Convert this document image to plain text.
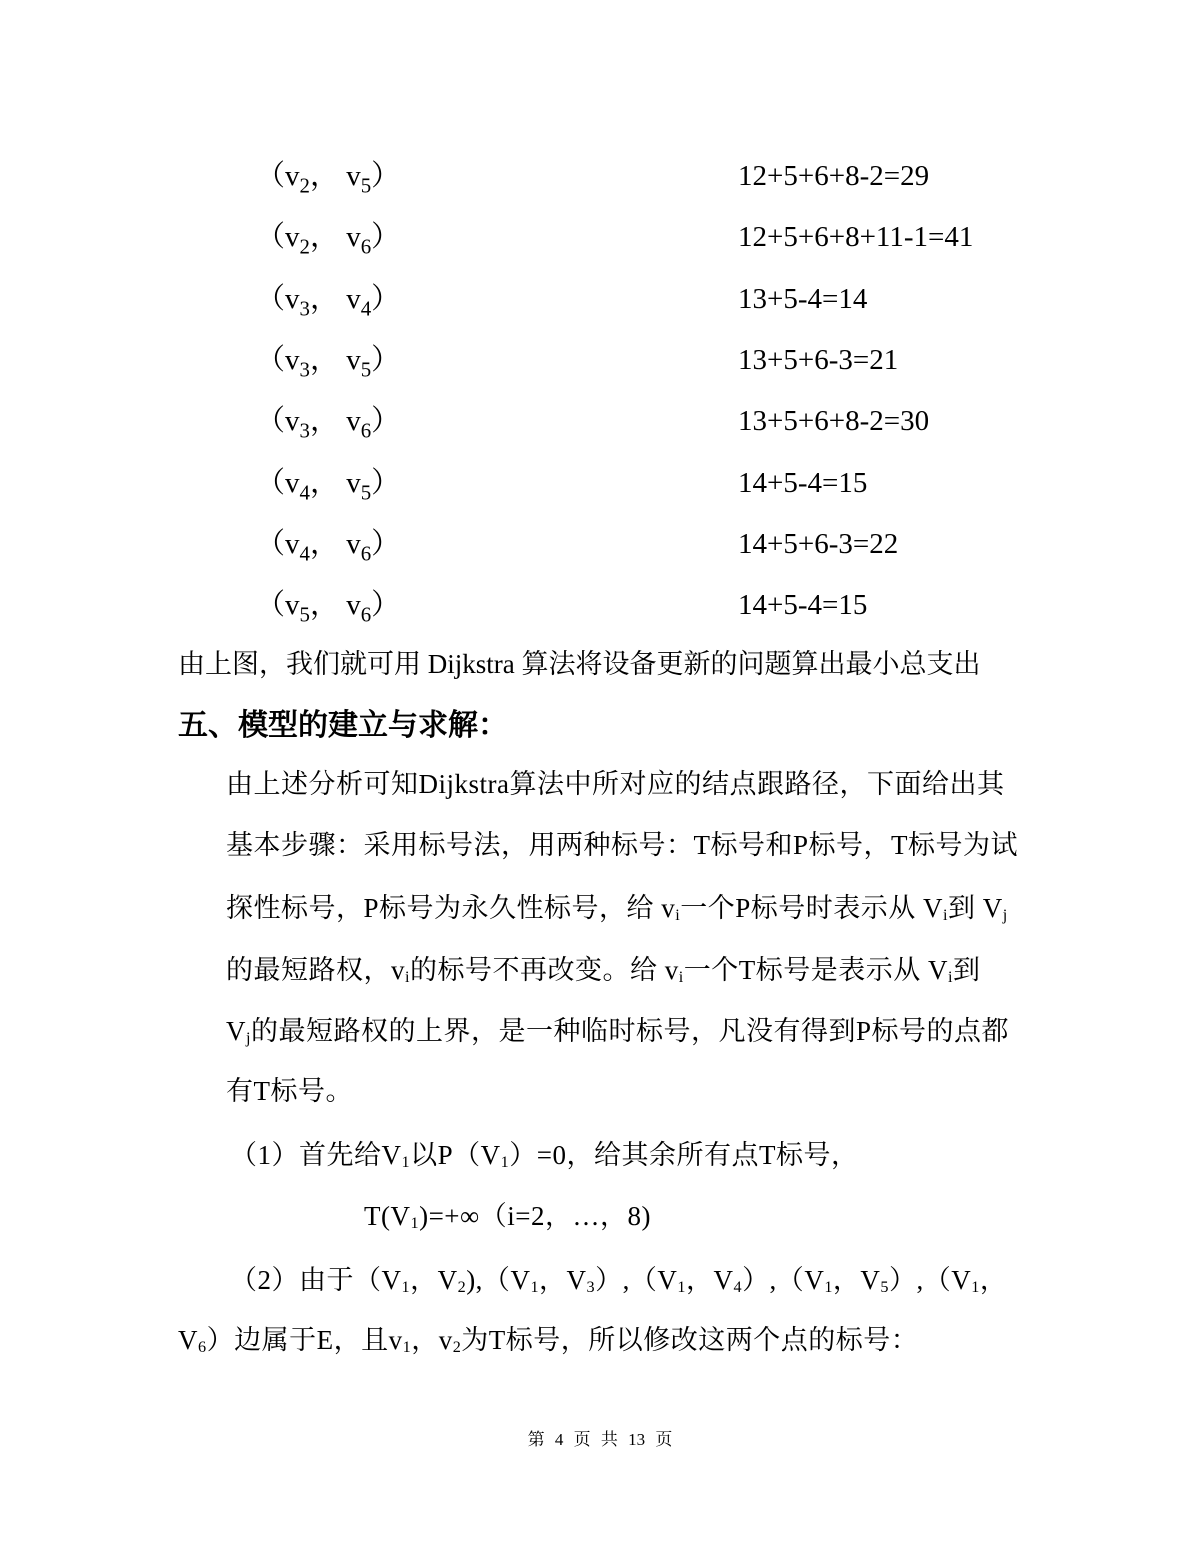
（$v_2$， $v_5$）	12+5+6+8-2=29
（$v_2$， $v_6$）	12+5+6+8+11-1=41
（$v_3$， $v_4$）	13+5-4=14
（$v_3$， $v_5$）	13+5+6-3=21
（$v_3$， $v_6$）	13+5+6+8-2=30
（$v_4$， $v_5$）	14+5-4=15
（$v_4$， $v_6$）	14+5+6-3=22
（$v_5$， $v_6$）	14+5-4=15
由上图，我们就可用 Dijkstra 算法将设备更新的问题算出最小总支出
五、模型的建立与求解：
由上述分析可知Dijkstra算法中所对应的结点跟路径，下面给出其
基本步骤：采用标号法，用两种标号：T标号和P标号，T标号为试
探性标号，P标号为永久性标号，给 $v_i$一个P标号时表示从 $V_i$到 $V_j$
的最短路权，$v_i$的标号不再改变。给 $v_i$一个T标号是表示从 $V_i$到
$V_j$的最短路权的上界，是一种临时标号，凡没有得到P标号的点都
有T标号。
（1）首先给$V_1$以$P(V_1)=0$，给其余所有点T标号，
$T(V_1)=+\infty(i=2$，…，8)
（2）由于（$V_1$，$V_2),(V_1$，$V_3),(V_1$，$V_4),(V_1$，$V_5),(V_1$，
$V_6$）边属于E，且$v_1$，$v_2$为T标号，所以修改这两个点的标号：
第 4 页 共 13 页
